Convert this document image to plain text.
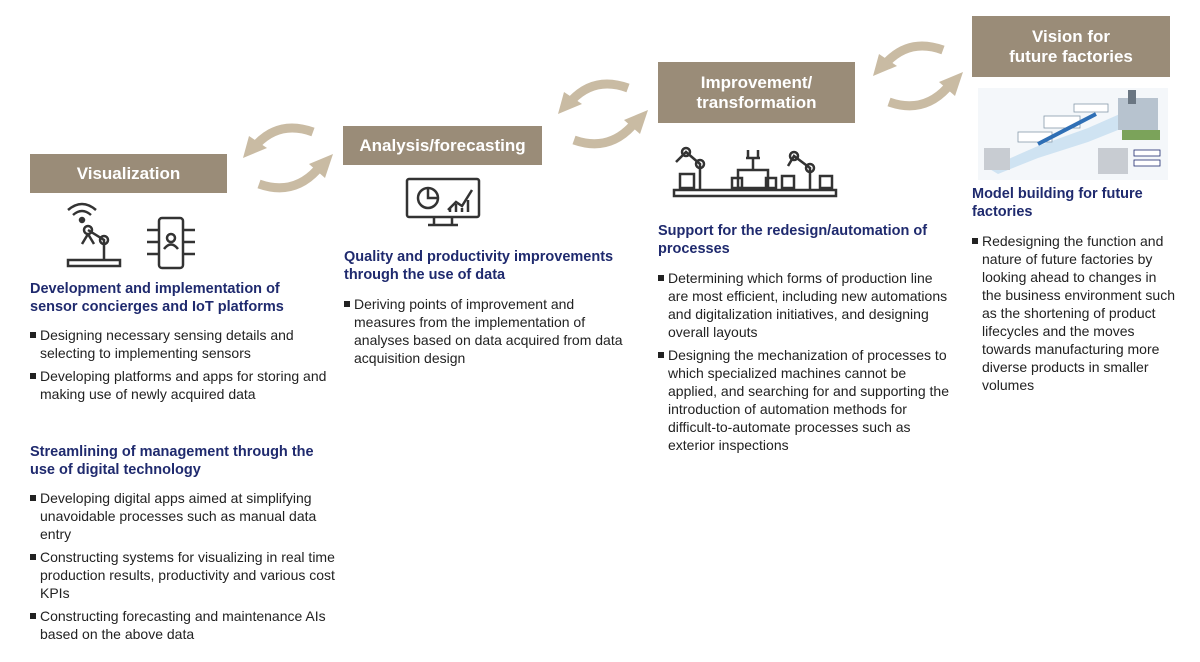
Visualization
Analysis/forecasting
Improvement/
transformation
Vision for
future factories
Development and implementation of sensor concierges and IoT platforms
Designing necessary sensing details and selecting to implementing sensors
Developing platforms and apps for storing and making use of newly acquired data
Streamlining of management through the use of digital technology
Developing digital apps aimed at simplifying unavoidable processes such as manual data entry
Constructing systems for visualizing in real time production results, productivity and various cost KPIs
Constructing forecasting and maintenance AIs based on the above data
Quality and productivity improvements through the use of data
Deriving points of improvement and measures from the implementation of analyses based on data acquired from data acquisition design
Support for the redesign/automation of processes
Determining which forms of production line are most efficient, including new automations and digitalization initiatives, and designing overall layouts
Designing the mechanization of processes to which specialized machines cannot be applied, and searching for and supporting the introduction of automation methods for difficult-to-automate processes such as exterior inspections
Model building for future factories
Redesigning the function and nature of future factories by looking ahead to changes in the business environment such as the shortening of product lifecycles and the moves towards manufacturing more diverse products in smaller volumes
